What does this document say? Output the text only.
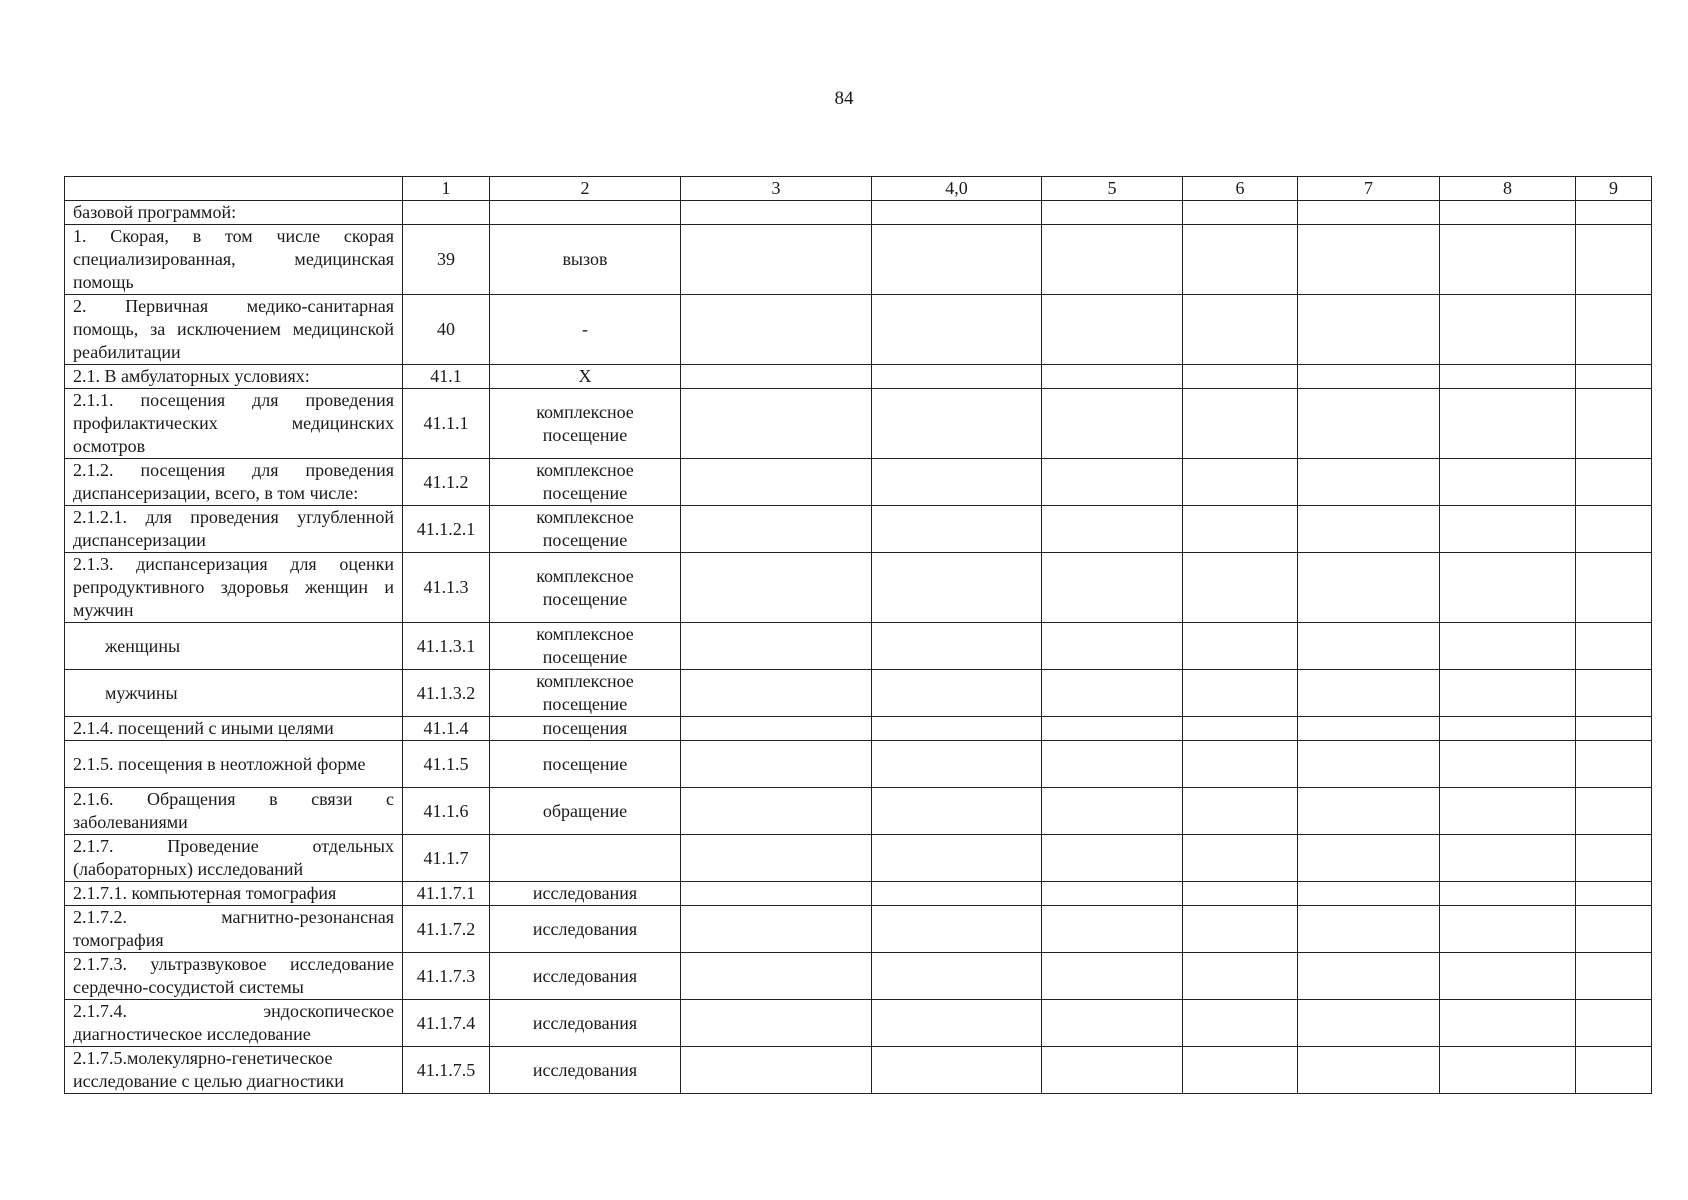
84
	1	2	3	4,0	5	6	7	8	9
базовой программой:									
1. Скорая, в том числе скорая специализированная, медицинская помощь	39	вызов							
2. Первичная медико-санитарная помощь, за исключением медицинской реабилитации	40	-							
2.1. В амбулаторных условиях:	41.1	X							
2.1.1. посещения для проведения профилактических медицинских осмотров	41.1.1	комплексное посещение							
2.1.2. посещения для проведения диспансеризации, всего, в том числе:	41.1.2	комплексное посещение							
2.1.2.1. для проведения углубленной диспансеризации	41.1.2.1	комплексное посещение							
2.1.3. диспансеризация для оценки репродуктивного здоровья женщин и мужчин	41.1.3	комплексное посещение							
женщины	41.1.3.1	комплексное посещение							
мужчины	41.1.3.2	комплексное посещение							
2.1.4. посещений с иными целями	41.1.4	посещения							
2.1.5. посещения в неотложной форме	41.1.5	посещение							
2.1.6. Обращения в связи с заболеваниями	41.1.6	обращение							
2.1.7. Проведение отдельных (лабораторных) исследований	41.1.7								
2.1.7.1. компьютерная томография	41.1.7.1	исследования							
2.1.7.2. магнитно-резонансная томография	41.1.7.2	исследования							
2.1.7.3. ультразвуковое исследование сердечно-сосудистой системы	41.1.7.3	исследования							
2.1.7.4. эндоскопическое диагностическое исследование	41.1.7.4	исследования							
2.1.7.5.молекулярно-генетическое исследование с целью диагностики	41.1.7.5	исследования							
